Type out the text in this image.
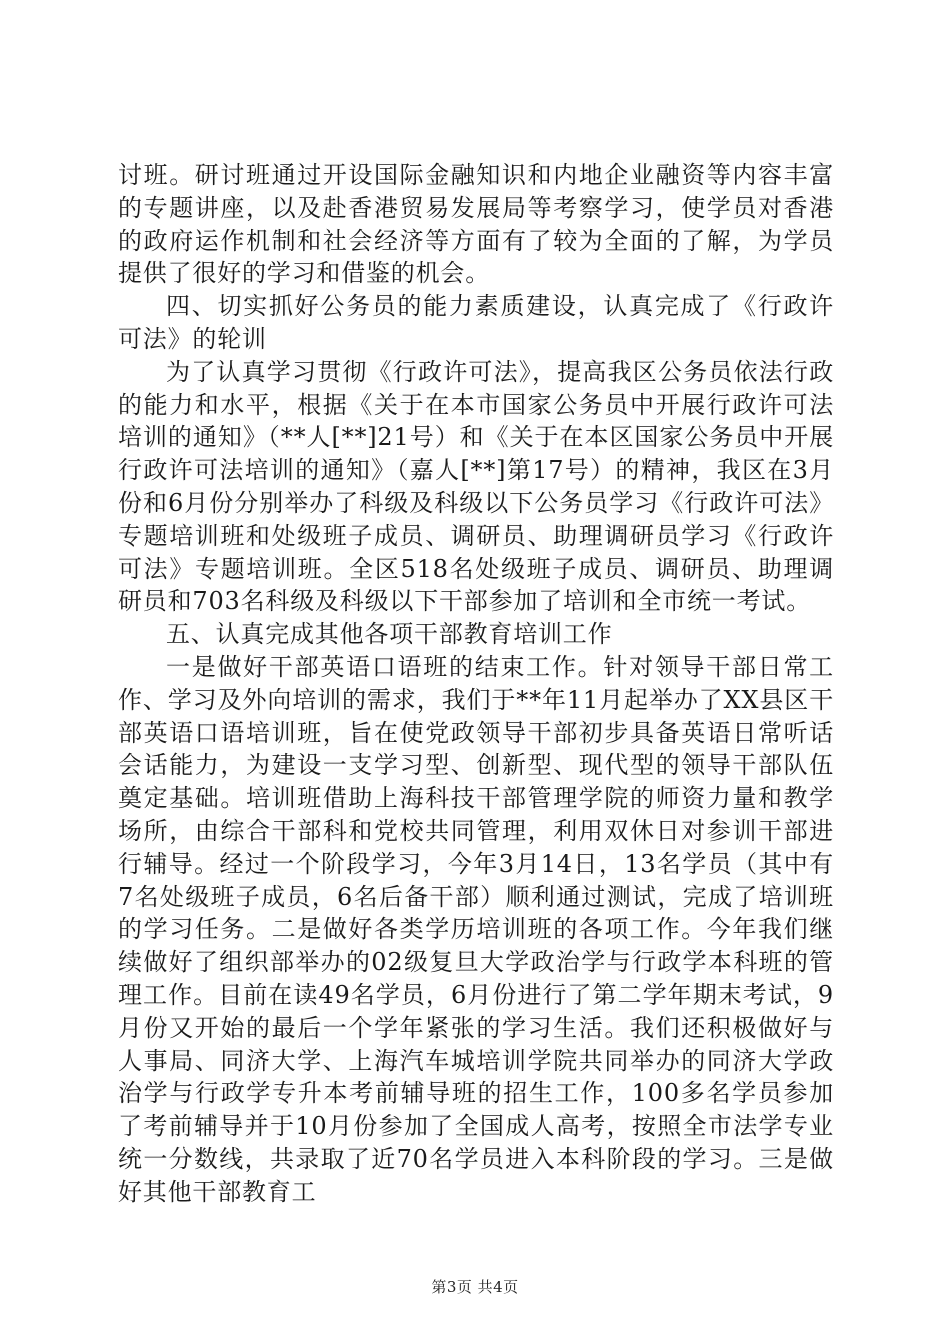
讨班。研讨班通过开设国际金融知识和内地企业融资等内容丰富的专题讲座，以及赴香港贸易发展局等考察学习，使学员对香港的政府运作机制和社会经济等方面有了较为全面的了解，为学员提供了很好的学习和借鉴的机会。

四、切实抓好公务员的能力素质建设，认真完成了《行政许可法》的轮训

为了认真学习贯彻《行政许可法》，提高我区公务员依法行政的能力和水平，根据《关于在本市国家公务员中开展行政许可法培训的通知》（**人[**]21号）和《关于在本区国家公务员中开展行政许可法培训的通知》（嘉人[**]第17号）的精神，我区在3月份和6月份分别举办了科级及科级以下公务员学习《行政许可法》专题培训班和处级班子成员、调研员、助理调研员学习《行政许可法》专题培训班。全区518名处级班子成员、调研员、助理调研员和703名科级及科级以下干部参加了培训和全市统一考试。

五、认真完成其他各项干部教育培训工作

一是做好干部英语口语班的结束工作。针对领导干部日常工作、学习及外向培训的需求，我们于**年11月起举办了XX县区干部英语口语培训班，旨在使党政领导干部初步具备英语日常听话会话能力，为建设一支学习型、创新型、现代型的领导干部队伍奠定基础。培训班借助上海科技干部管理学院的师资力量和教学场所，由综合干部科和党校共同管理，利用双休日对参训干部进行辅导。经过一个阶段学习，今年3月14日，13名学员（其中有7名处级班子成员，6名后备干部）顺利通过测试，完成了培训班的学习任务。二是做好各类学历培训班的各项工作。今年我们继续做好了组织部举办的02级复旦大学政治学与行政学本科班的管理工作。目前在读49名学员，6月份进行了第二学年期末考试，9月份又开始的最后一个学年紧张的学习生活。我们还积极做好与人事局、同济大学、上海汽车城培训学院共同举办的同济大学政治学与行政学专升本考前辅导班的招生工作，100多名学员参加了考前辅导并于10月份参加了全国成人高考，按照全市法学专业统一分数线，共录取了近70名学员进入本科阶段的学习。三是做好其他干部教育工

第3页 共4页
